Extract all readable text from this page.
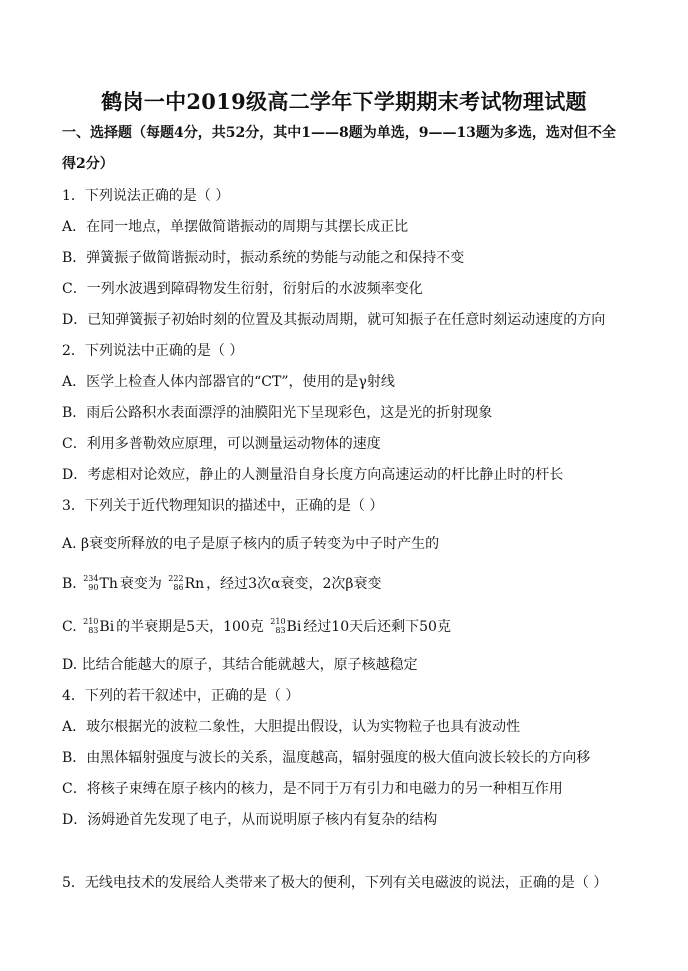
鹤岗一中2019级高二学年下学期期末考试物理试题
一、选择题（每题4分，共52分，其中1——8题为单选，9——13题为多选，选对但不全
得2分）
1．下列说法正确的是（ ）
A．在同一地点，单摆做简谐振动的周期与其摆长成正比
B．弹簧振子做简谐振动时，振动系统的势能与动能之和保持不变
C．一列水波遇到障碍物发生衍射，衍射后的水波频率变化
D．已知弹簧振子初始时刻的位置及其振动周期，就可知振子在任意时刻运动速度的方向
2．下列说法中正确的是（ ）
A．医学上检查人体内部器官的“CT”，使用的是γ射线
B．雨后公路积水表面漂浮的油膜阳光下呈现彩色，这是光的折射现象
C．利用多普勒效应原理，可以测量运动物体的速度
D．考虑相对论效应，静止的人测量沿自身长度方向高速运动的杆比静止时的杆长
3．下列关于近代物理知识的描述中，正确的是（ ）
A. β衰变所释放的电子是原子核内的质子转变为中子时产生的
B. 234
90 Th 衰变为 222
86 Rn ，经过3次α衰变，2次β衰变
C. 210
83 Bi 的半衰期是5天，100克 210
83 Bi 经过10天后还剩下50克
D. 比结合能越大的原子，其结合能就越大，原子核越稳定
4．下列的若干叙述中，正确的是（ ）
A．玻尔根据光的波粒二象性，大胆提出假设，认为实物粒子也具有波动性
B．由黑体辐射强度与波长的关系，温度越高，辐射强度的极大值向波长较长的方向移
C．将核子束缚在原子核内的核力，是不同于万有引力和电磁力的另一种相互作用
D．汤姆逊首先发现了电子，从而说明原子核内有复杂的结构
5．无线电技术的发展给人类带来了极大的便利，下列有关电磁波的说法，正确的是（ ）
